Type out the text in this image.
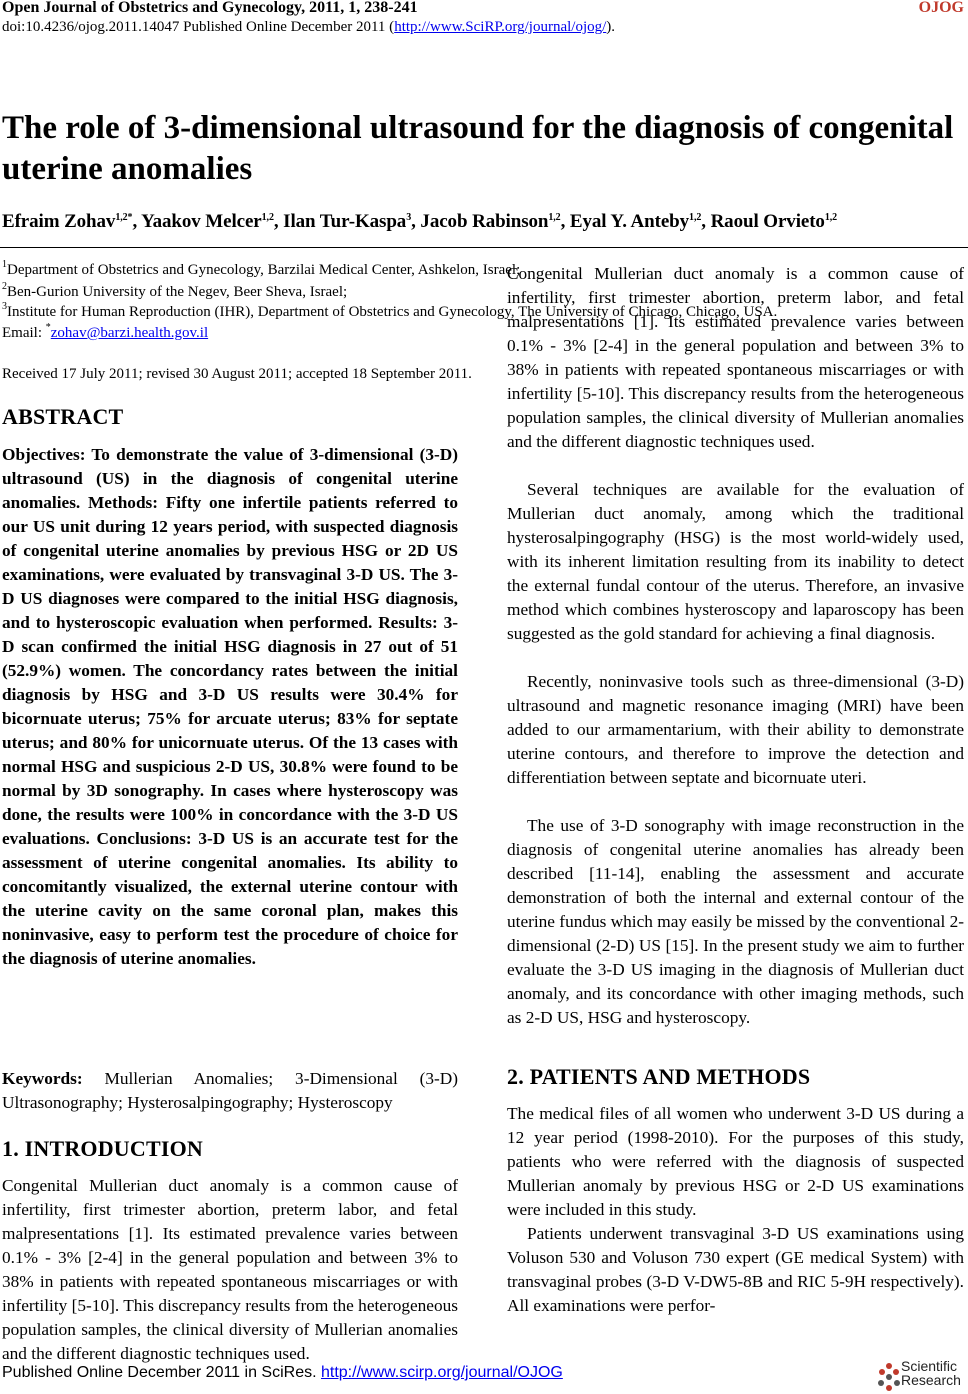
Open Journal of Obstetrics and Gynecology, 2011, 1, 238-241	OJOG
doi:10.4236/ojog.2011.14047 Published Online December 2011 (http://www.SciRP.org/journal/ojog/).
The role of 3-dimensional ultrasound for the diagnosis of congenital uterine anomalies
Efraim Zohav$^{1,2*}$, Yaakov Melcer$^{1,2}$, Ilan Tur-Kaspa$^3$, Jacob Rabinson$^{1,2}$, Eyal Y. Anteby$^{1,2}$, Raoul Orvieto$^{1,2}$
$^1$Department of Obstetrics and Gynecology, Barzilai Medical Center, Ashkelon, Israel;
$^2$Ben-Gurion University of the Negev, Beer Sheva, Israel;
$^3$Institute for Human Reproduction (IHR), Department of Obstetrics and Gynecology, The University of Chicago, Chicago, USA.
Email: *zohav@barzi.health.gov.il
Received 17 July 2011; revised 30 August 2011; accepted 18 September 2011.
ABSTRACT
Objectives: To demonstrate the value of 3-dimensional (3-D) ultrasound (US) in the diagnosis of congenital uterine anomalies. Methods: Fifty one infertile patients referred to our US unit during 12 years period, with suspected diagnosis of congenital uterine anomalies by previous HSG or 2D US examinations, were evaluated by transvaginal 3-D US. The 3-D US diagnoses were compared to the initial HSG diagnosis, and to hysteroscopic evaluation when performed. Results: 3-D scan confirmed the initial HSG diagnosis in 27 out of 51 (52.9%) women. The concordancy rates between the initial diagnosis by HSG and 3-D US results were 30.4% for bicornuate uterus; 75% for arcuate uterus; 83% for septate uterus; and 80% for unicornuate uterus. Of the 13 cases with normal HSG and suspicious 2-D US, 30.8% were found to be normal by 3D sonography. In cases where hysteroscopy was done, the results were 100% in concordance with the 3-D US evaluations. Conclusions: 3-D US is an accurate test for the assessment of uterine congenital anomalies. Its ability to concomitantly visualized, the external uterine contour with the uterine cavity on the same coronal plan, makes this noninvasive, easy to perform test the procedure of choice for the diagnosis of uterine anomalies.
Keywords: Mullerian Anomalies; 3-Dimensional (3-D) Ultrasonography; Hysterosalpingography; Hysteroscopy
1. INTRODUCTION
Congenital Mullerian duct anomaly is a common cause of infertility, first trimester abortion, preterm labor, and fetal malpresentations [1]. Its estimated prevalence varies between 0.1% - 3% [2-4] in the general population and between 3% to 38% in patients with repeated spontaneous miscarriages or with infertility [5-10]. This discrepancy results from the heterogeneous population samples, the clinical diversity of Mullerian anomalies and the different diagnostic techniques used.
Congenital Mullerian duct anomaly is a common cause of infertility, first trimester abortion, preterm labor, and fetal malpresentations [1]. Its estimated prevalence varies between 0.1% - 3% [2-4] in the general population and between 3% to 38% in patients with repeated spontaneous miscarriages or with infertility [5-10]. This discrepancy results from the heterogeneous population samples, the clinical diversity of Mullerian anomalies and the different diagnostic techniques used.
Several techniques are available for the evaluation of Mullerian duct anomaly, among which the traditional hysterosalpingography (HSG) is the most world-widely used, with its inherent limitation resulting from its inability to detect the external fundal contour of the uterus. Therefore, an invasive method which combines hysteroscopy and laparoscopy has been suggested as the gold standard for achieving a final diagnosis.
Recently, noninvasive tools such as three-dimensional (3-D) ultrasound and magnetic resonance imaging (MRI) have been added to our armamentarium, with their ability to demonstrate uterine contours, and therefore to improve the detection and differentiation between septate and bicornuate uteri.
The use of 3-D sonography with image reconstruction in the diagnosis of congenital uterine anomalies has already been described [11-14], enabling the assessment and accurate demonstration of both the internal and external contour of the uterine fundus which may easily be missed by the conventional 2-dimensional (2-D) US [15]. In the present study we aim to further evaluate the 3-D US imaging in the diagnosis of Mullerian duct anomaly, and its concordance with other imaging methods, such as 2-D US, HSG and hysteroscopy.
2. PATIENTS AND METHODS
The medical files of all women who underwent 3-D US during a 12 year period (1998-2010). For the purposes of this study, patients who were referred with the diagnosis of suspected Mullerian anomaly by previous HSG or 2-D US examinations were included in this study.
Patients underwent transvaginal 3-D US examinations using Voluson 530 and Voluson 730 expert (GE medical System) with transvaginal probes (3-D V-DW5-8B and RIC 5-9H respectively). All examinations were perfor-
Published Online December 2011 in SciRes. http://www.scirp.org/journal/OJOG	Scientific
Research
